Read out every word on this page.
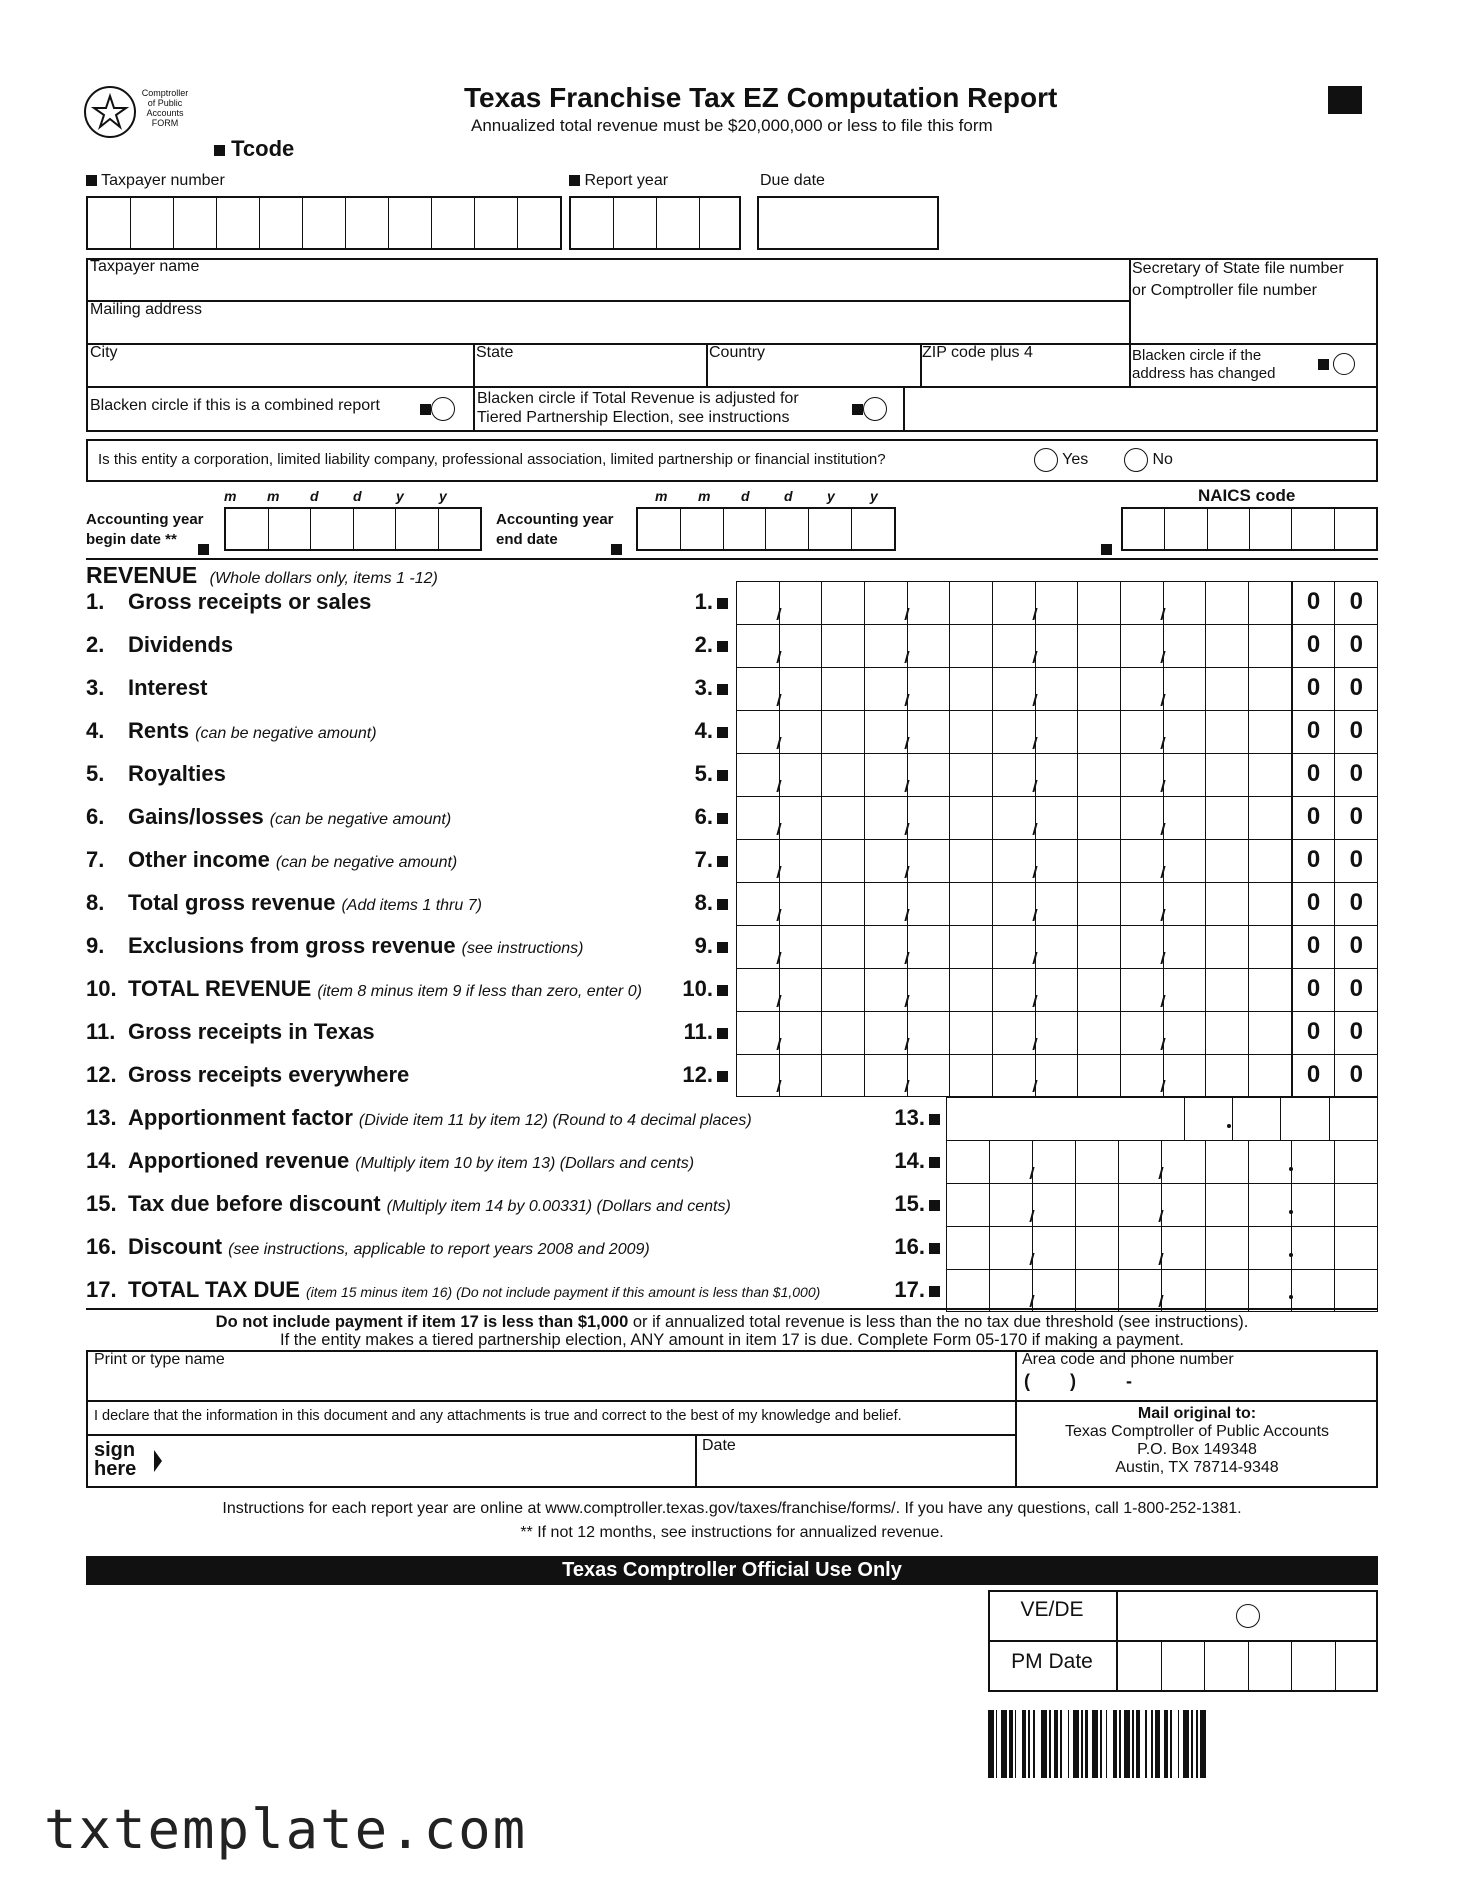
Comptroller
of Public
Accounts
FORM
Texas Franchise Tax EZ Computation Report
Annualized total revenue must be $20,000,000 or less to file this form
Tcode
Taxpayer number	Report year	Due date
Taxpayer name	Secretary of State file number
or Comptroller file number
Mailing address
City	State	Country	ZIP code plus 4	Blacken circle if the
address has changed

Blacken circle if this is a combined report	Blacken circle if Total Revenue is adjusted for
Tiered Partnership Election, see instructions
Is this entity a corporation, limited liability company, professional association, limited partnership or financial institution?	Yes	No
m	m	d	d	y	y
Accounting year
begin date **
m	m	d	d	y	y
Accounting year
end date
NAICS code
REVENUE (Whole dollars only, items 1 -12)
1. Gross receipts or sales	1.	0	0
2. Dividends	2.	0	0
3. Interest	3.	0	0
4. Rents (can be negative amount)	4.	0	0
5. Royalties	5.	0	0
6. Gains/losses (can be negative amount)	6.	0	0
7. Other income (can be negative amount)	7.	0	0
8. Total gross revenue (Add items 1 thru 7)	8.	0	0
9. Exclusions from gross revenue (see instructions)	9.	0	0
10. TOTAL REVENUE (item 8 minus item 9 if less than zero, enter 0)	10.	0	0
11. Gross receipts in Texas	11.	0	0
12. Gross receipts everywhere	12.	0	0
13. Apportionment factor (Divide item 11 by item 12) (Round to 4 decimal places)	13.
14. Apportioned revenue (Multiply item 10 by item 13) (Dollars and cents)	14.
15. Tax due before discount (Multiply item 14 by 0.00331) (Dollars and cents)	15.
16. Discount (see instructions, applicable to report years 2008 and 2009)	16.
17. TOTAL TAX DUE (item 15 minus item 16) (Do not include payment if this amount is less than $1,000)	17.
Do not include payment if item 17 is less than $1,000 or if annualized total revenue is less than the no tax due threshold (see instructions).
If the entity makes a tiered partnership election, ANY amount in item 17 is due. Complete Form 05-170 if making a payment.
Print or type name	Area code and phone number
(        )          -
I declare that the information in this document and any attachments is true and correct to the best of my knowledge and belief.	Mail original to:
Texas Comptroller of Public Accounts
P.O. Box 149348
Austin, TX 78714-9348
sign
here
Date
Instructions for each report year are online at www.comptroller.texas.gov/taxes/franchise/forms/. If you have any questions, call 1-800-252-1381.
** If not 12 months, see instructions for annualized revenue.
Texas Comptroller Official Use Only
VE/DE
PM Date
txtemplate.com
